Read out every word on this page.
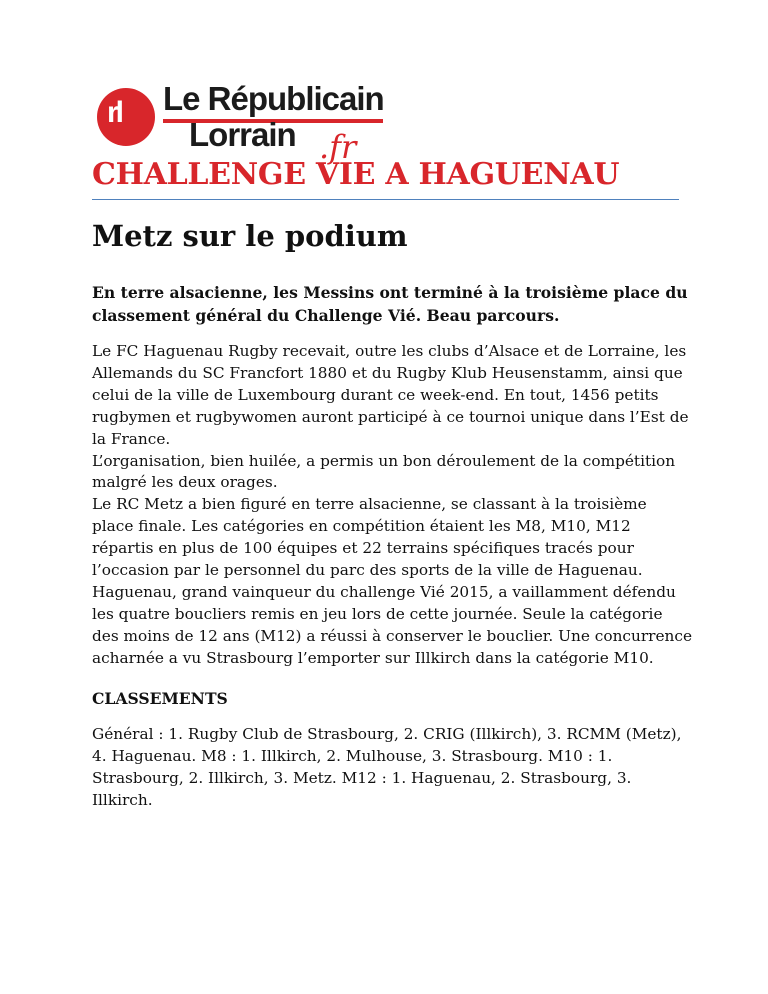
rl Le Républicain
Lorrain .fr
CHALLENGE VIE A HAGUENAU
Metz sur le podium

En terre alsacienne, les Messins ont terminé à la troisième place du classement général du Challenge Vié. Beau parcours.

Le FC Haguenau Rugby recevait, outre les clubs d’Alsace et de Lorraine, les Allemands du SC Francfort 1880 et du Rugby Klub Heusenstamm, ainsi que celui de la ville de Luxembourg durant ce week-end. En tout, 1456 petits rugbymen et rugbywomen auront participé à ce tournoi unique dans l’Est de la France.
L’organisation, bien huilée, a permis un bon déroulement de la compétition malgré les deux orages.
Le RC Metz a bien figuré en terre alsacienne, se classant à la troisième place finale. Les catégories en compétition étaient les M8, M10, M12 répartis en plus de 100 équipes et 22 terrains spécifiques tracés pour l’occasion par le personnel du parc des sports de la ville de Haguenau. Haguenau, grand vainqueur du challenge Vié 2015, a vaillamment défendu les quatre boucliers remis en jeu lors de cette journée. Seule la catégorie des moins de 12 ans (M12) a réussi à conserver le bouclier. Une concurrence acharnée a vu Strasbourg l’emporter sur Illkirch dans la catégorie M10.

CLASSEMENTS

Général : 1. Rugby Club de Strasbourg, 2. CRIG (Illkirch), 3. RCMM (Metz), 4. Haguenau. M8 : 1. Illkirch, 2. Mulhouse, 3. Strasbourg. M10 : 1. Strasbourg, 2. Illkirch, 3. Metz. M12 : 1. Haguenau, 2. Strasbourg, 3. Illkirch.
